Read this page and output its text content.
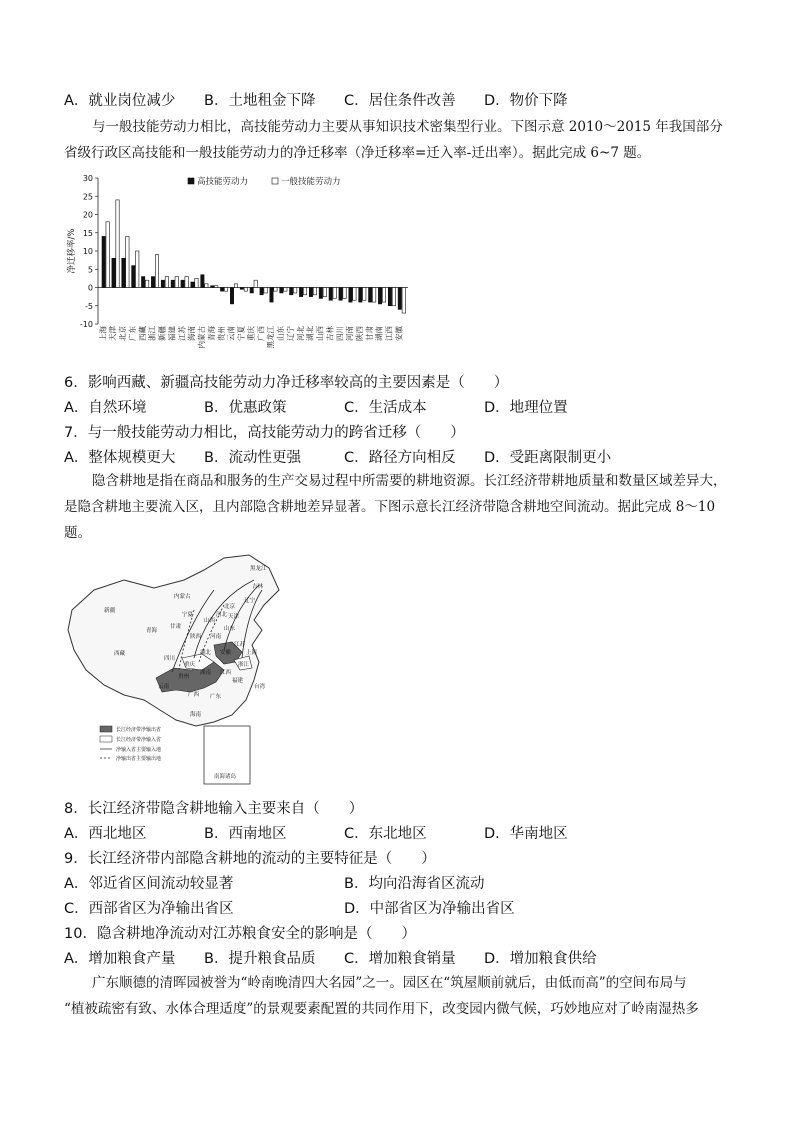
A．就业岗位减少 B．土地租金下降 C．居住条件改善 D．物价下降
与一般技能劳动力相比，高技能劳动力主要从事知识技术密集型行业。下图示意 2010～2015 年我国部分
省级行政区高技能和一般技能劳动力的净迁移率（净迁移率=迁入率-迁出率）。据此完成 6~7 题。
30
25
20
15
10
5
0
-5
-10
净迁移率/%
上海 天津 北京 广东 西藏 浙江 新疆 福建 江苏 海南 内蒙古 青海 贵州 云南 宁夏 重庆 广西 黑龙江 山东 辽宁 河北 湖北 山西 吉林 四川 河南 陕西 甘肃 湖南 江西 安徽
高技能劳动力	一般技能劳动力
6．影响西藏、新疆高技能劳动力净迁移率较高的主要因素是（　　）
A．自然环境	B．优惠政策	C．生活成本	D．地理位置
7．与一般技能劳动力相比，高技能劳动力的跨省迁移（　　）
A．整体规模更大 B．流动性更强	C．路径方向相反 D．受距离限制更小
隐含耕地是指在商品和服务的生产交易过程中所需要的耕地资源。长江经济带耕地质量和数量区域差异大，
是隐含耕地主要流入区，且内部隐含耕地差异显著。下图示意长江经济带隐含耕地空间流动。据此完成 8～10
题。
黑龙江
吉林
辽宁
新疆
内蒙古
北京
天津
宁夏
山西
河北
青海
甘肃
陕西
山东
西藏
河南
江苏
四川
湖北 安徽	上海
重庆	浙江
贵州
湖南 江西
云南
广西
福建
广东
台湾
海南
南海诸岛
长江经济带净输出省
长江经济带净输入省
净输入省主要输入地
净输出省主要输出地
8．长江经济带隐含耕地输入主要来自（　　）
A．西北地区	B．西南地区	C．东北地区	D．华南地区
9．长江经济带内部隐含耕地的流动的主要特征是（　　）
A．邻近省区间流动较显著	B．均向沿海省区流动
C．西部省区为净输出省区	D．中部省区为净输出省区
10．隐含耕地净流动对江苏粮食安全的影响是（　　）
A．增加粮食产量 B．提升粮食品质 C．增加粮食销量 D．增加粮食供给
广东顺德的清晖园被誉为“岭南晚清四大名园”之一。园区在“筑屋顺前就后，由低而高”的空间布局与
“植被疏密有致、水体合理适度”的景观要素配置的共同作用下，改变园内微气候，巧妙地应对了岭南湿热多
